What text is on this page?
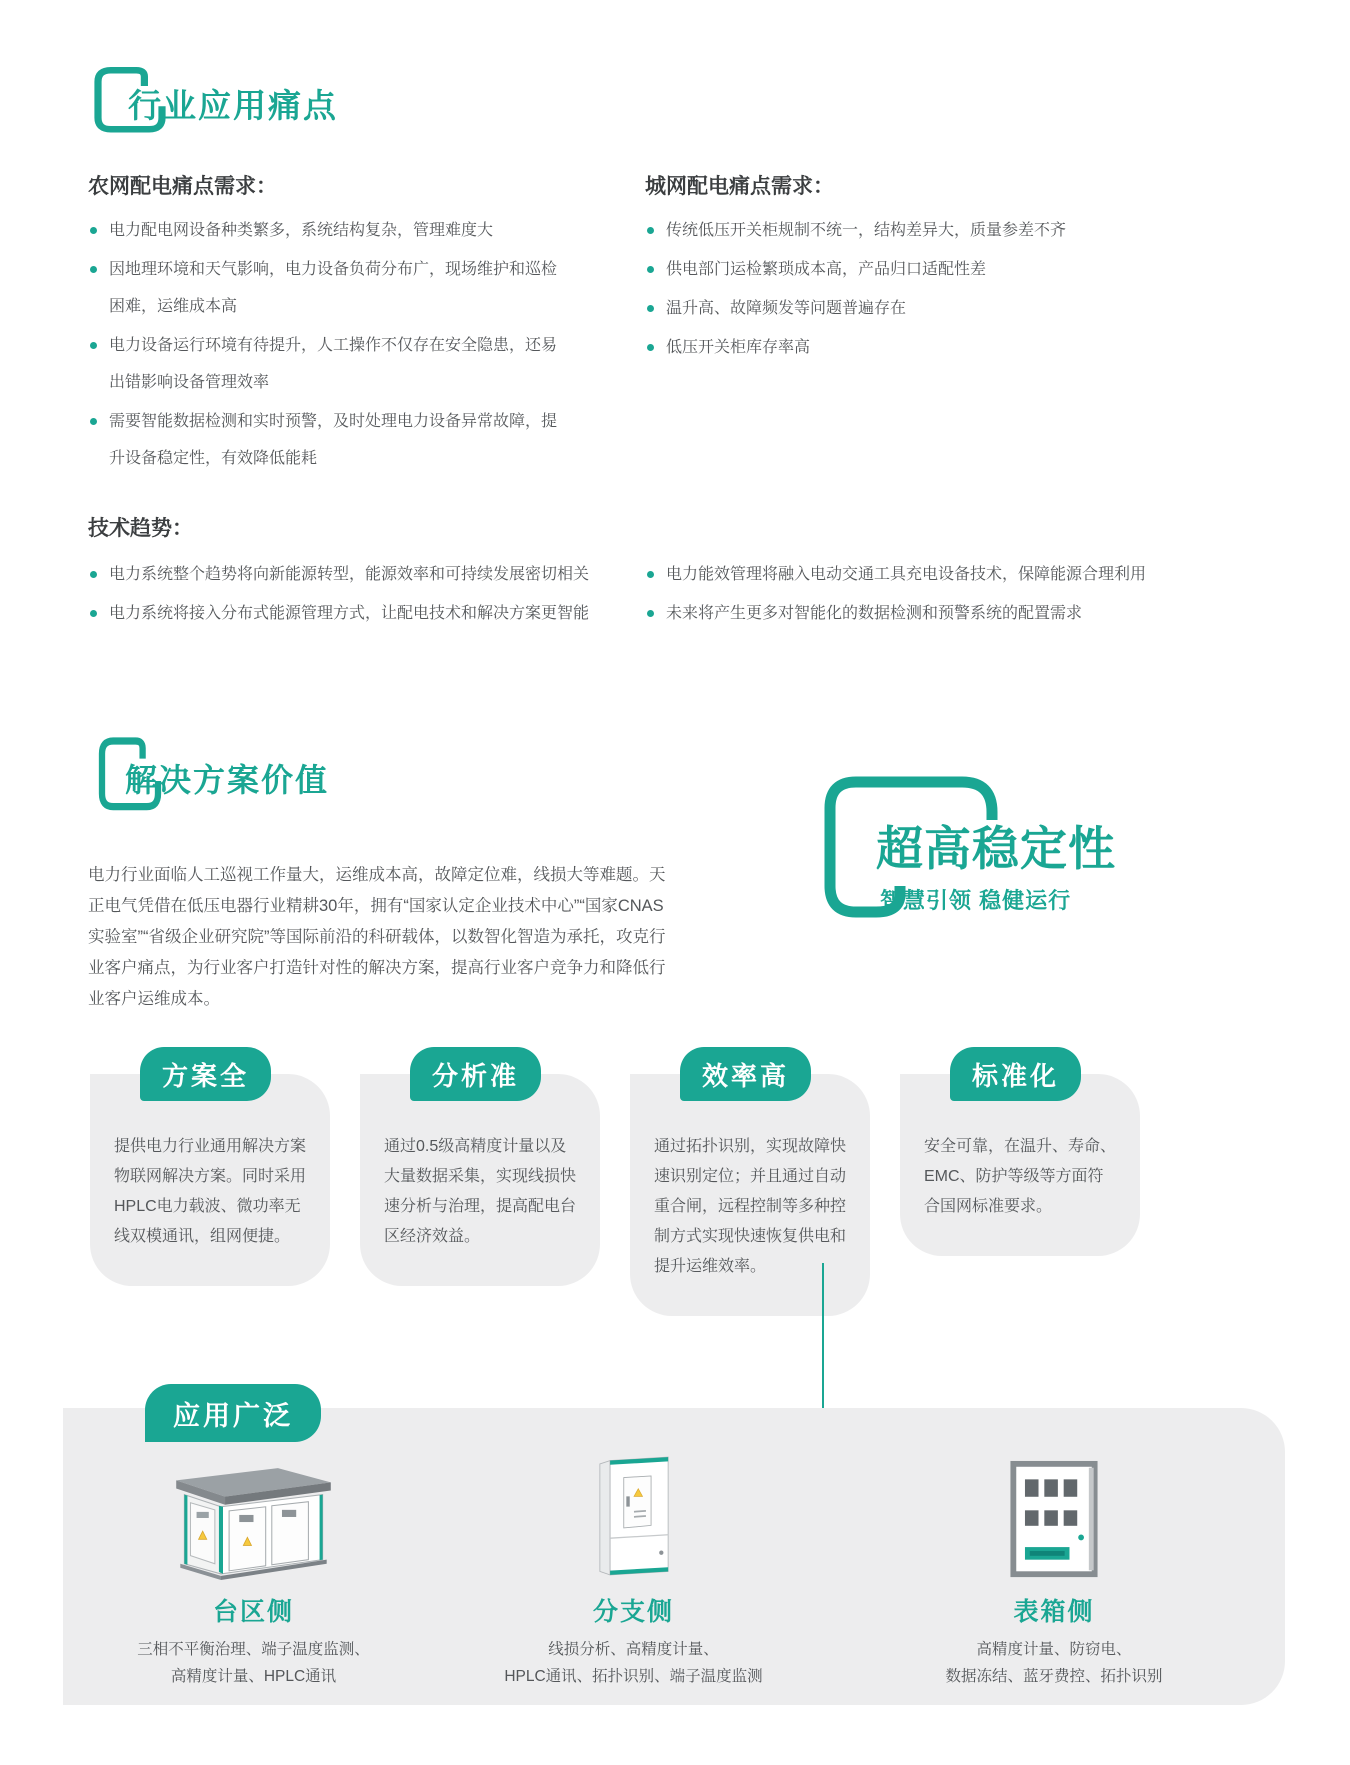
行业应用痛点
农网配电痛点需求：
电力配电网设备种类繁多，系统结构复杂，管理难度大
因地理环境和天气影响，电力设备负荷分布广，现场维护和巡检困难，运维成本高
电力设备运行环境有待提升，人工操作不仅存在安全隐患，还易出错影响设备管理效率
需要智能数据检测和实时预警，及时处理电力设备异常故障，提升设备稳定性，有效降低能耗
城网配电痛点需求：
传统低压开关柜规制不统一，结构差异大，质量参差不齐
供电部门运检繁琐成本高，产品归口适配性差
温升高、故障频发等问题普遍存在
低压开关柜库存率高
技术趋势：
电力系统整个趋势将向新能源转型，能源效率和可持续发展密切相关
电力系统将接入分布式能源管理方式，让配电技术和解决方案更智能
电力能效管理将融入电动交通工具充电设备技术，保障能源合理利用
未来将产生更多对智能化的数据检测和预警系统的配置需求
解决方案价值

电力行业面临人工巡视工作量大，运维成本高，故障定位难，线损大等难题。天正电气凭借在低压电器行业精耕30年，拥有“国家认定企业技术中心”“国家CNAS实验室”“省级企业研究院”等国际前沿的科研载体，以数智化智造为承托，攻克行业客户痛点，为行业客户打造针对性的解决方案，提高行业客户竞争力和降低行业客户运维成本。

超高稳定性
智慧引领 稳健运行
方案全
提供电力行业通用解决方案物联网解决方案。同时采用HPLC电力载波、微功率无线双模通讯，组网便捷。
分析准
通过0.5级高精度计量以及大量数据采集，实现线损快速分析与治理，提高配电台区经济效益。
效率高
通过拓扑识别，实现故障快速识别定位；并且通过自动重合闸，远程控制等多种控制方式实现快速恢复供电和提升运维效率。
标准化
安全可靠，在温升、寿命、EMC、防护等级等方面符合国网标准要求。
应用广泛
台区侧
三相不平衡治理、端子温度监测、
高精度计量、HPLC通讯
分支侧
线损分析、高精度计量、
HPLC通讯、拓扑识别、端子温度监测
表箱侧
高精度计量、防窃电、
数据冻结、蓝牙费控、拓扑识别
